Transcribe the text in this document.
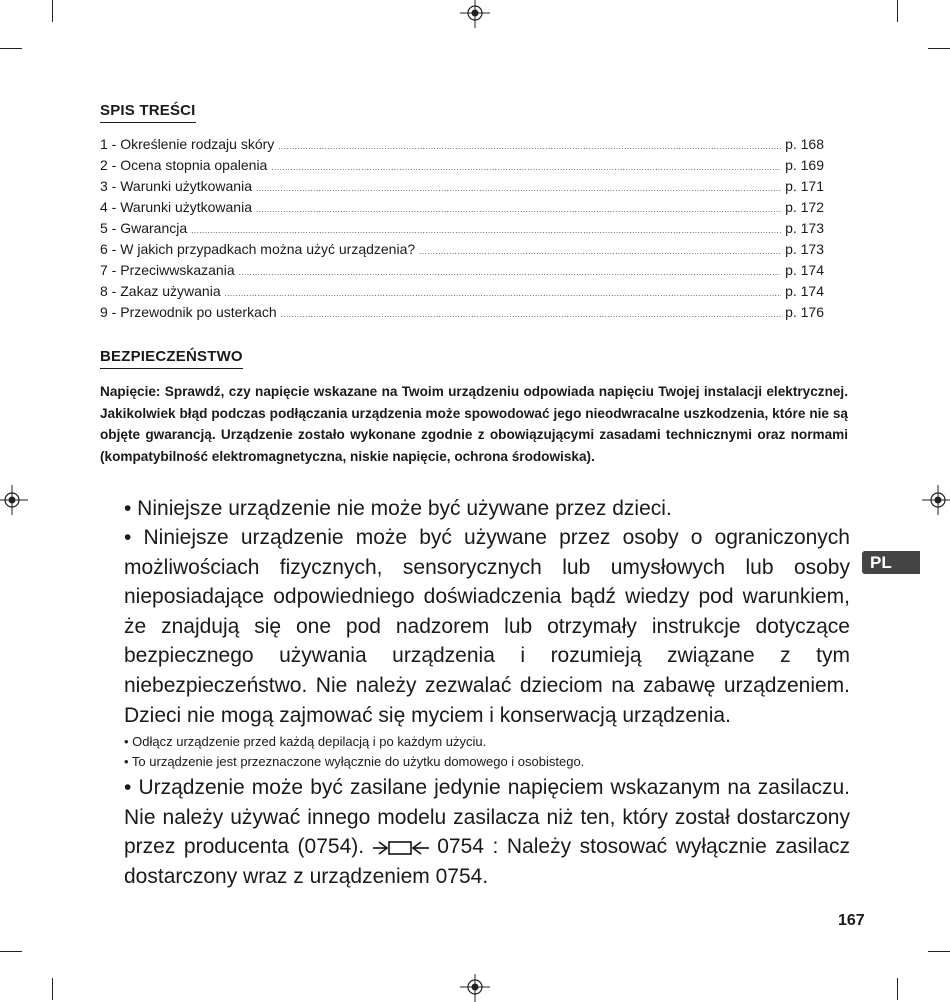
SPIS TREŚCI
1 - Określenie rodzaju skóry .....	p. 168
2 - Ocena stopnia opalenia .....	p. 169
3 - Warunki użytkowania .....	p. 171
4 - Warunki użytkowania .....	p. 172
5 - Gwarancja .....	p. 173
6 - W jakich przypadkach można użyć urządzenia? .....	p. 173
7 - Przeciwwskazania .....	p. 174
8 - Zakaz używania .....	p. 174
9 - Przewodnik po usterkach .....	p. 176
BEZPIECZEŃSTWO

Napięcie: Sprawdź, czy napięcie wskazane na Twoim urządzeniu odpowiada napięciu Twojej instalacji elektrycznej. Jakikolwiek błąd podczas podłączania urządzenia może spowodować jego nieodwracalne uszkodzenia, które nie są objęte gwarancją. Urządzenie zostało wykonane zgodnie z obowiązującymi zasadami technicznymi oraz normami (kompatybilność elektromagnetyczna, niskie napięcie, ochrona środowiska).

• Niniejsze urządzenie nie może być używane przez dzieci.

• Niniejsze urządzenie może być używane przez osoby o ograniczonych możliwościach fizycznych, sensorycznych lub umysłowych lub osoby nieposiadające odpowiedniego doświadczenia bądź wiedzy pod warunkiem, że znajdują się one pod nadzorem lub otrzymały instrukcje dotyczące bezpiecznego używania urządzenia i rozumieją związane z tym niebezpieczeństwo. Nie należy zezwalać dzieciom na zabawę urządzeniem. Dzieci nie mogą zajmować się myciem i konserwacją urządzenia.

• Odłącz urządzenie przed każdą depilacją i po każdym użyciu.

• To urządzenie jest przeznaczone wyłącznie do użytku domowego i osobistego.

• Urządzenie może być zasilane jedynie napięciem wskazanym na zasilaczu. Nie należy używać innego modelu zasilacza niż ten, który został dostarczony przez producenta (0754).	0754 : Należy stosować wyłącznie zasilacz dostarczony wraz z urządzeniem 0754.

PL
167
